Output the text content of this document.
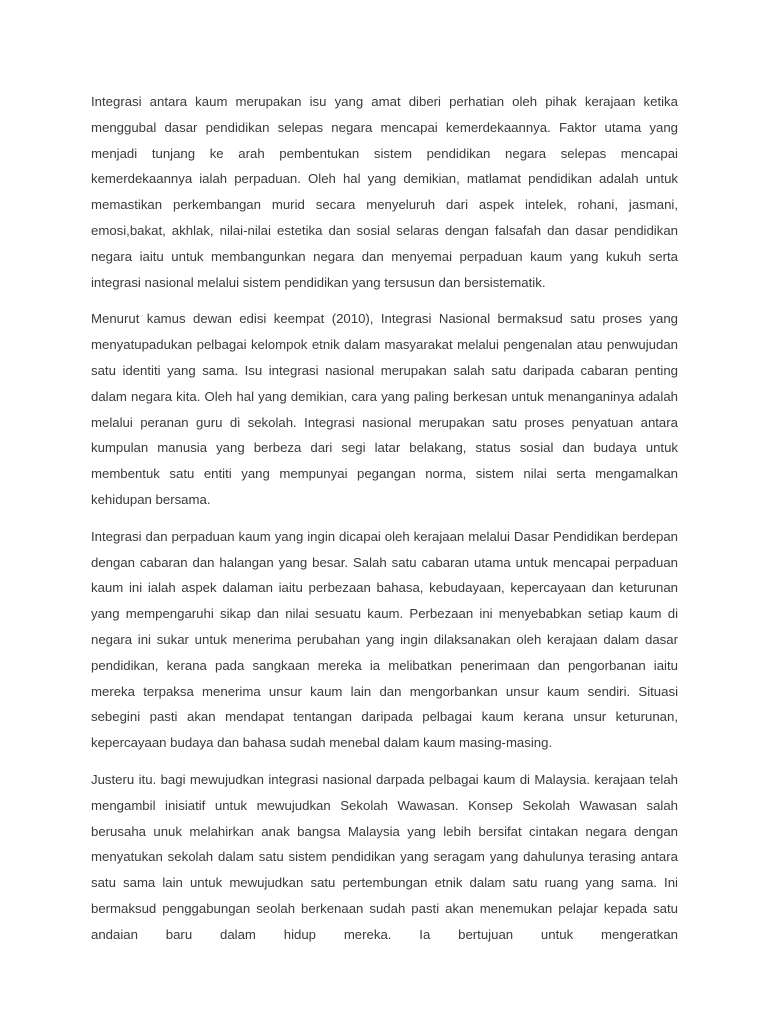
Integrasi antara kaum merupakan isu yang amat diberi perhatian oleh pihak kerajaan ketika menggubal dasar pendidikan selepas negara mencapai kemerdekaannya. Faktor utama yang menjadi tunjang ke arah pembentukan sistem pendidikan negara selepas mencapai kemerdekaannya ialah perpaduan. Oleh hal yang demikian, matlamat pendidikan adalah untuk memastikan perkembangan murid secara menyeluruh dari aspek intelek, rohani, jasmani, emosi,bakat, akhlak, nilai-nilai estetika dan sosial selaras dengan falsafah dan dasar pendidikan negara iaitu untuk membangunkan negara dan menyemai perpaduan kaum yang kukuh serta integrasi nasional melalui sistem pendidikan yang tersusun dan bersistematik.

Menurut kamus dewan edisi keempat (2010), Integrasi Nasional bermaksud satu proses yang menyatupadukan pelbagai kelompok etnik dalam masyarakat melalui pengenalan atau penwujudan satu identiti yang sama. Isu integrasi nasional merupakan salah satu daripada cabaran penting dalam negara kita. Oleh hal yang demikian, cara yang paling berkesan untuk menanganinya adalah melalui peranan guru di sekolah. Integrasi nasional merupakan satu proses penyatuan antara kumpulan manusia yang berbeza dari segi latar belakang, status sosial dan budaya untuk membentuk satu entiti yang mempunyai pegangan norma, sistem nilai serta mengamalkan kehidupan bersama.

Integrasi dan perpaduan kaum yang ingin dicapai oleh kerajaan melalui Dasar Pendidikan berdepan dengan cabaran dan halangan yang besar. Salah satu cabaran utama untuk mencapai perpaduan kaum ini ialah aspek dalaman iaitu perbezaan bahasa, kebudayaan, kepercayaan dan keturunan yang mempengaruhi sikap dan nilai sesuatu kaum. Perbezaan ini menyebabkan setiap kaum di negara ini sukar untuk menerima perubahan yang ingin dilaksanakan oleh kerajaan dalam dasar pendidikan, kerana pada sangkaan mereka ia melibatkan penerimaan dan pengorbanan iaitu mereka terpaksa menerima unsur kaum lain dan mengorbankan unsur kaum sendiri. Situasi sebegini pasti akan mendapat tentangan daripada pelbagai kaum kerana unsur keturunan, kepercayaan budaya dan bahasa sudah menebal dalam kaum masing-masing.

Justeru itu. bagi mewujudkan integrasi nasional darpada pelbagai kaum di Malaysia. kerajaan telah mengambil inisiatif untuk mewujudkan Sekolah Wawasan. Konsep Sekolah Wawasan salah berusaha unuk melahirkan anak bangsa Malaysia yang lebih bersifat cintakan negara dengan menyatukan sekolah dalam satu sistem pendidikan yang seragam yang dahulunya terasing antara satu sama lain untuk mewujudkan satu pertembungan etnik dalam satu ruang yang sama. Ini bermaksud penggabungan seolah berkenaan sudah pasti akan menemukan pelajar kepada satu andaian baru dalam hidup mereka. Ia bertujuan untuk mengeratkan
